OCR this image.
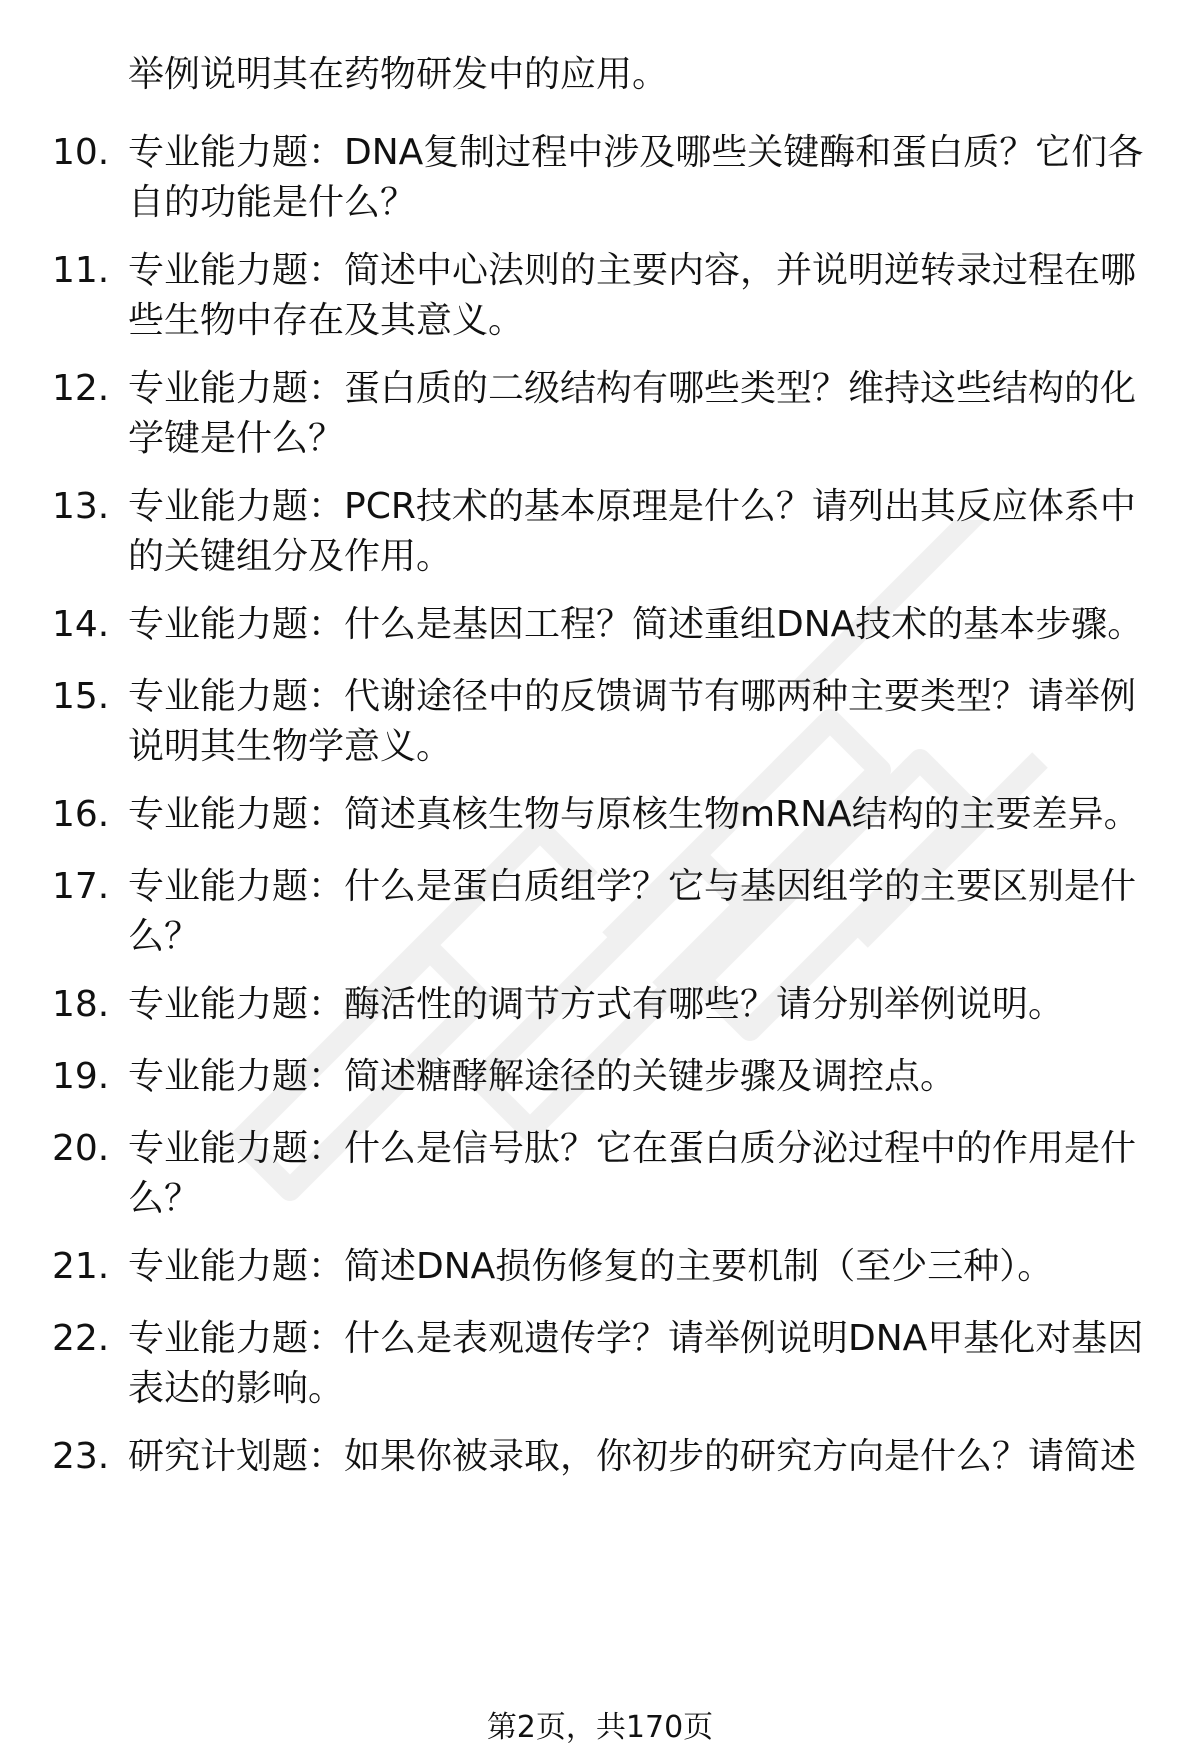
举例说明其在药物研发中的应用。
10. 专业能力题：DNA复制过程中涉及哪些关键酶和蛋白质？它们各自的功能是什么？
11. 专业能力题：简述中心法则的主要内容，并说明逆转录过程在哪些生物中存在及其意义。
12. 专业能力题：蛋白质的二级结构有哪些类型？维持这些结构的化学键是什么？
13. 专业能力题：PCR技术的基本原理是什么？请列出其反应体系中的关键组分及作用。
14. 专业能力题：什么是基因工程？简述重组DNA技术的基本步骤。
15. 专业能力题：代谢途径中的反馈调节有哪两种主要类型？请举例说明其生物学意义。
16. 专业能力题：简述真核生物与原核生物mRNA结构的主要差异。
17. 专业能力题：什么是蛋白质组学？它与基因组学的主要区别是什么？
18. 专业能力题：酶活性的调节方式有哪些？请分别举例说明。
19. 专业能力题：简述糖酵解途径的关键步骤及调控点。
20. 专业能力题：什么是信号肽？它在蛋白质分泌过程中的作用是什么？
21. 专业能力题：简述DNA损伤修复的主要机制（至少三种）。
22. 专业能力题：什么是表观遗传学？请举例说明DNA甲基化对基因表达的影响。
23. 研究计划题：如果你被录取，你初步的研究方向是什么？请简述
第2页，共170页
